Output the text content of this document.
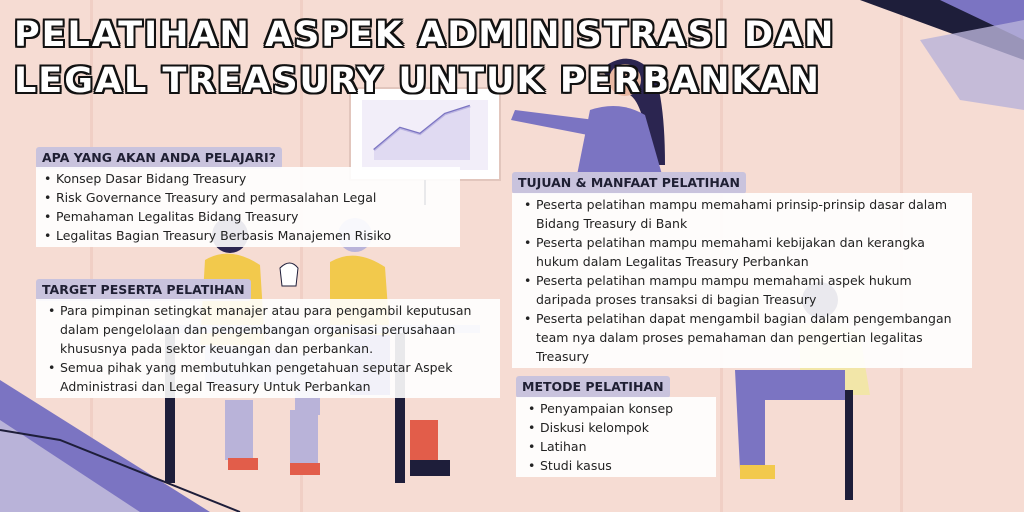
PELATIHAN ASPEK ADMINISTRASI DAN
LEGAL TREASURY UNTUK PERBANKAN
APA YANG AKAN ANDA PELAJARI?
• Konsep Dasar Bidang Treasury
• Risk Governance Treasury and permasalahan Legal
• Pemahaman Legalitas Bidang Treasury
• Legalitas Bagian Treasury Berbasis Manajemen Risiko
TARGET PESERTA PELATIHAN
• Para pimpinan setingkat manajer atau para pengambil keputusan dalam pengelolaan dan pengembangan organisasi perusahaan khususnya pada sektor keuangan dan perbankan.
• Semua pihak yang membutuhkan pengetahuan seputar Aspek Administrasi dan Legal Treasury Untuk Perbankan
TUJUAN & MANFAAT PELATIHAN
• Peserta pelatihan mampu memahami prinsip-prinsip dasar dalam Bidang Treasury di Bank
• Peserta pelatihan mampu memahami kebijakan dan kerangka hukum dalam Legalitas Treasury Perbankan
• Peserta pelatihan mampu mampu memahami aspek hukum daripada proses transaksi di bagian Treasury
• Peserta pelatihan dapat mengambil bagian dalam pengembangan team nya dalam proses pemahaman dan pengertian legalitas Treasury
METODE PELATIHAN
• Penyampaian konsep
• Diskusi kelompok
• Latihan
• Studi kasus
